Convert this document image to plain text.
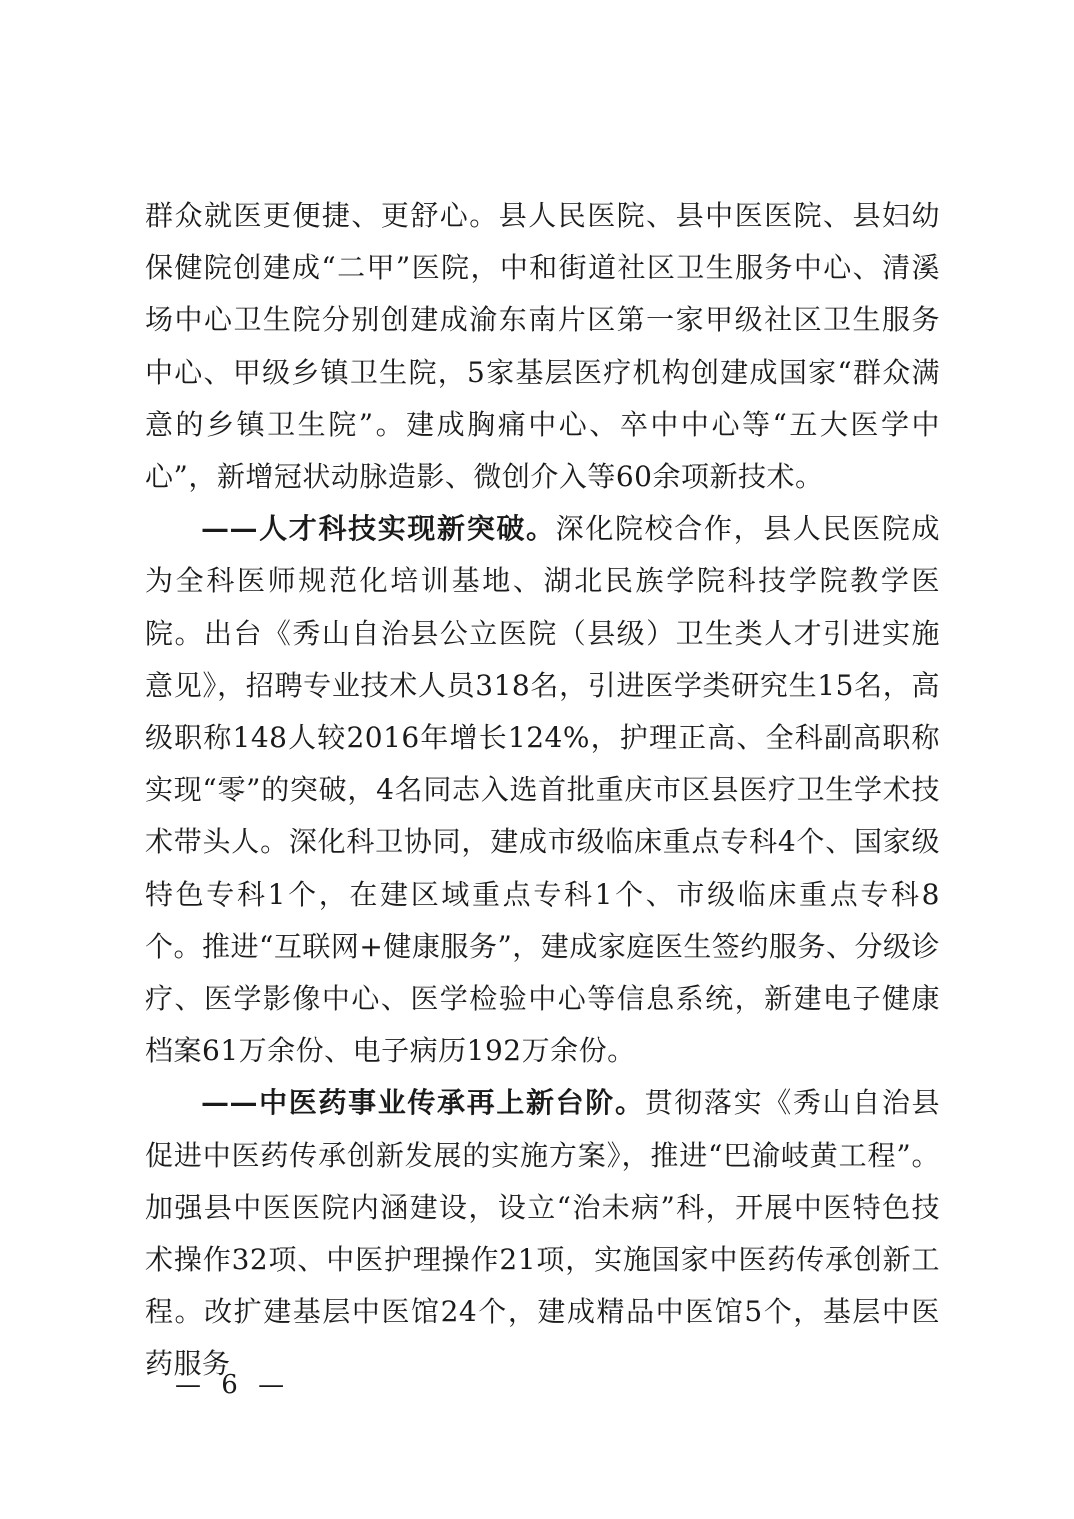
群众就医更便捷、更舒心。县人民医院、县中医医院、县妇幼保健院创建成“二甲”医院，中和街道社区卫生服务中心、清溪场中心卫生院分别创建成渝东南片区第一家甲级社区卫生服务中心、甲级乡镇卫生院，5家基层医疗机构创建成国家“群众满意的乡镇卫生院”。建成胸痛中心、卒中中心等“五大医学中心”，新增冠状动脉造影、微创介入等60余项新技术。

——人才科技实现新突破。深化院校合作，县人民医院成为全科医师规范化培训基地、湖北民族学院科技学院教学医院。出台《秀山自治县公立医院（县级）卫生类人才引进实施意见》，招聘专业技术人员318名，引进医学类研究生15名，高级职称148人较2016年增长124%，护理正高、全科副高职称实现“零”的突破，4名同志入选首批重庆市区县医疗卫生学术技术带头人。深化科卫协同，建成市级临床重点专科4个、国家级特色专科1个，在建区域重点专科1个、市级临床重点专科8个。推进“互联网+健康服务”，建成家庭医生签约服务、分级诊疗、医学影像中心、医学检验中心等信息系统，新建电子健康档案61万余份、电子病历192万余份。

——中医药事业传承再上新台阶。贯彻落实《秀山自治县促进中医药传承创新发展的实施方案》，推进“巴渝岐黄工程”。加强县中医医院内涵建设，设立“治未病”科，开展中医特色技术操作32项、中医护理操作21项，实施国家中医药传承创新工程。改扩建基层中医馆24个，建成精品中医馆5个，基层中医药服务

— 6 —
